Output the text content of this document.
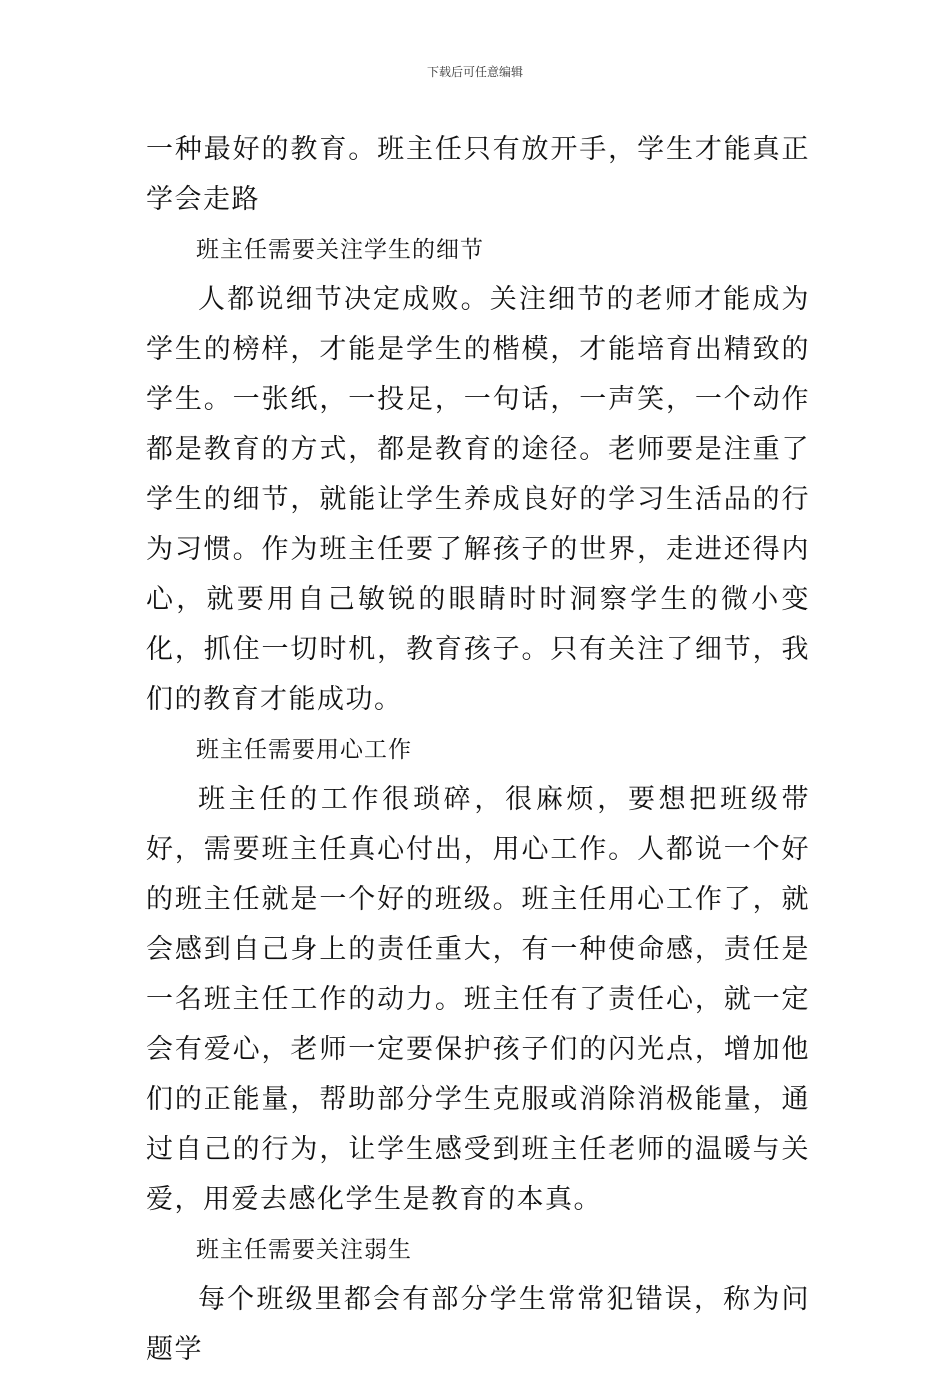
下载后可任意编辑

一种最好的教育。班主任只有放开手，学生才能真正学会走路

班主任需要关注学生的细节

人都说细节决定成败。关注细节的老师才能成为学生的榜样，才能是学生的楷模，才能培育出精致的学生。一张纸，一投足，一句话，一声笑，一个动作都是教育的方式，都是教育的途径。老师要是注重了学生的细节，就能让学生养成良好的学习生活品的行为习惯。作为班主任要了解孩子的世界，走进还得内心，就要用自己敏锐的眼睛时时洞察学生的微小变化，抓住一切时机，教育孩子。只有关注了细节，我们的教育才能成功。

班主任需要用心工作

班主任的工作很琐碎，很麻烦，要想把班级带好，需要班主任真心付出，用心工作。人都说一个好的班主任就是一个好的班级。班主任用心工作了，就会感到自己身上的责任重大，有一种使命感，责任是一名班主任工作的动力。班主任有了责任心，就一定会有爱心，老师一定要保护孩子们的闪光点，增加他们的正能量，帮助部分学生克服或消除消极能量，通过自己的行为，让学生感受到班主任老师的温暖与关爱，用爱去感化学生是教育的本真。

班主任需要关注弱生

每个班级里都会有部分学生常常犯错误，称为问题学
